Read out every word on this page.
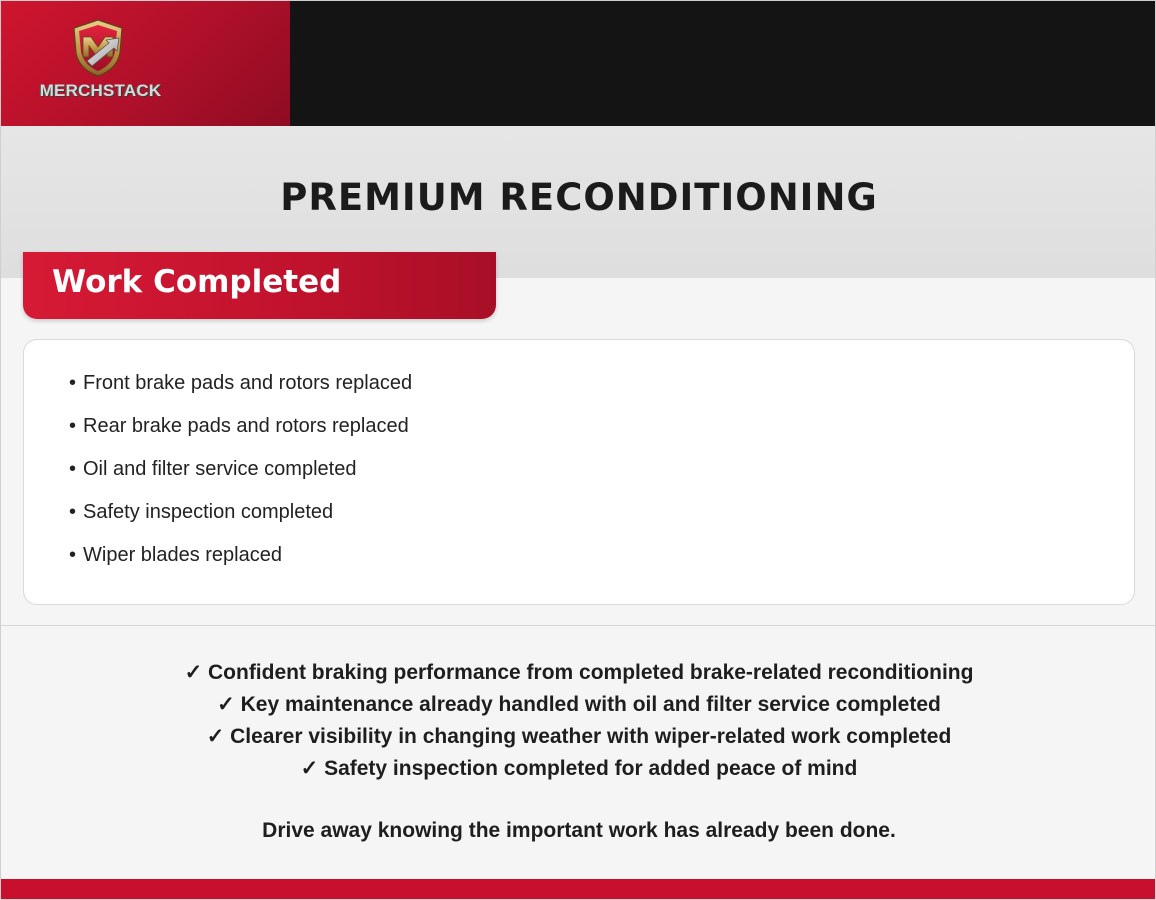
MERCHSTACK
PREMIUM RECONDITIONING
Work Completed
• Front brake pads and rotors replaced
• Rear brake pads and rotors replaced
• Oil and filter service completed
• Safety inspection completed
• Wiper blades replaced
✓ Confident braking performance from completed brake-related reconditioning
✓ Key maintenance already handled with oil and filter service completed
✓ Clearer visibility in changing weather with wiper-related work completed
✓ Safety inspection completed for added peace of mind
Drive away knowing the important work has already been done.
